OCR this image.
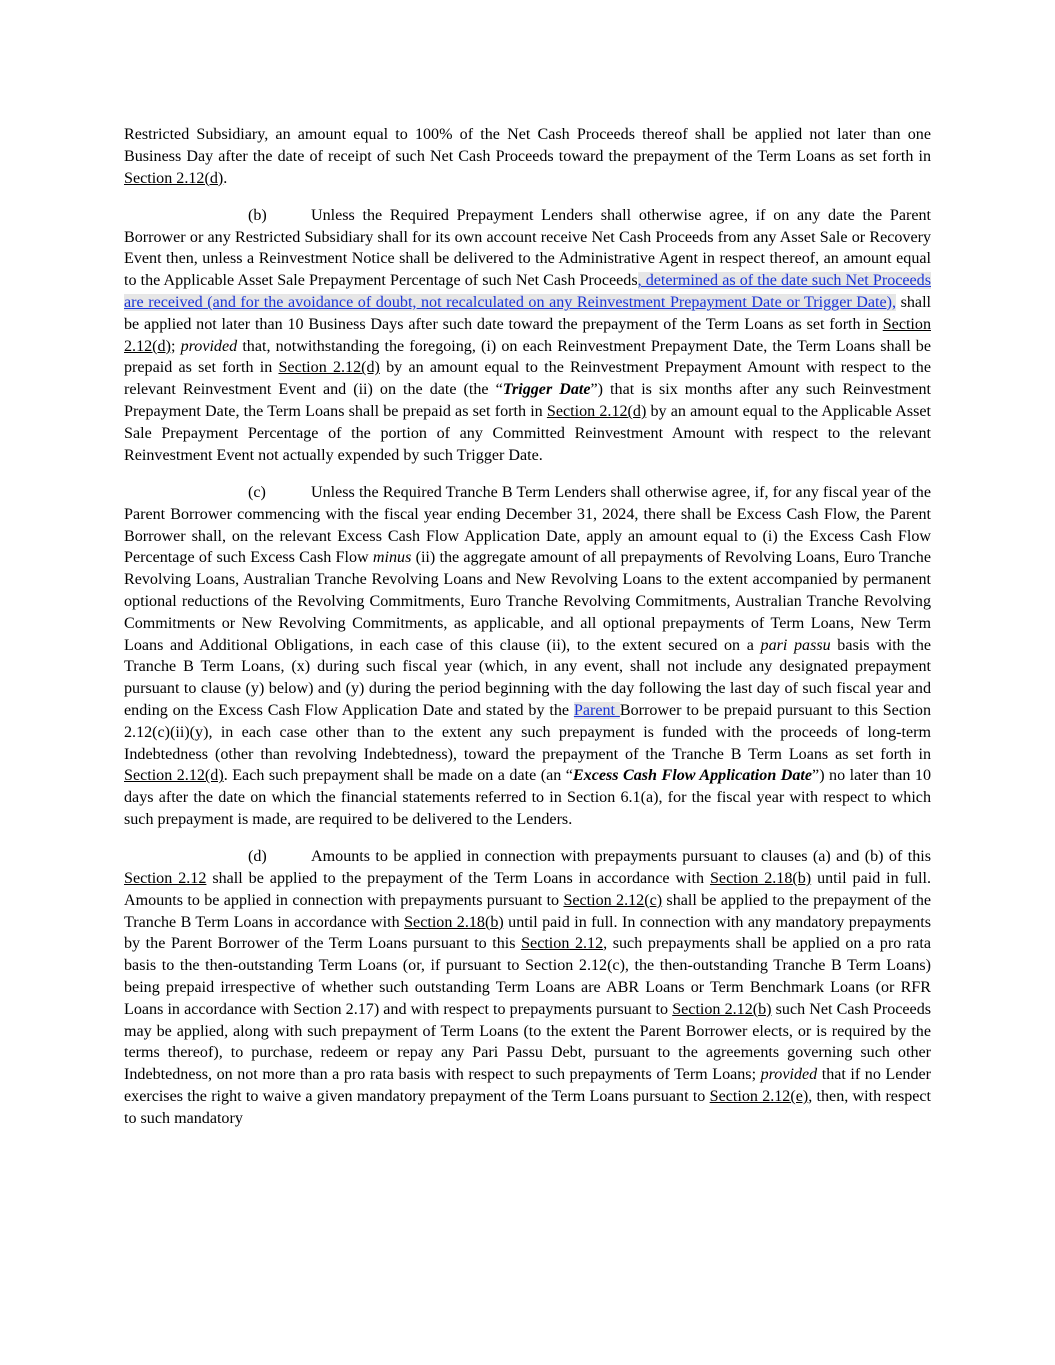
Restricted Subsidiary, an amount equal to 100% of the Net Cash Proceeds thereof shall be applied not later than one Business Day after the date of receipt of such Net Cash Proceeds toward the prepayment of the Term Loans as set forth in Section 2.12(d).

(b)	Unless the Required Prepayment Lenders shall otherwise agree, if on any date the Parent Borrower or any Restricted Subsidiary shall for its own account receive Net Cash Proceeds from any Asset Sale or Recovery Event then, unless a Reinvestment Notice shall be delivered to the Administrative Agent in respect thereof, an amount equal to the Applicable Asset Sale Prepayment Percentage of such Net Cash Proceeds, determined as of the date such Net Proceeds are received (and for the avoidance of doubt, not recalculated on any Reinvestment Prepayment Date or Trigger Date), shall be applied not later than 10 Business Days after such date toward the prepayment of the Term Loans as set forth in Section 2.12(d); provided that, notwithstanding the foregoing, (i) on each Reinvestment Prepayment Date, the Term Loans shall be prepaid as set forth in Section 2.12(d) by an amount equal to the Reinvestment Prepayment Amount with respect to the relevant Reinvestment Event and (ii) on the date (the “Trigger Date”) that is six months after any such Reinvestment Prepayment Date, the Term Loans shall be prepaid as set forth in Section 2.12(d) by an amount equal to the Applicable Asset Sale Prepayment Percentage of the portion of any Committed Reinvestment Amount with respect to the relevant Reinvestment Event not actually expended by such Trigger Date.

(c)	Unless the Required Tranche B Term Lenders shall otherwise agree, if, for any fiscal year of the Parent Borrower commencing with the fiscal year ending December 31, 2024, there shall be Excess Cash Flow, the Parent Borrower shall, on the relevant Excess Cash Flow Application Date, apply an amount equal to (i) the Excess Cash Flow Percentage of such Excess Cash Flow minus (ii) the aggregate amount of all prepayments of Revolving Loans, Euro Tranche Revolving Loans, Australian Tranche Revolving Loans and New Revolving Loans to the extent accompanied by permanent optional reductions of the Revolving Commitments, Euro Tranche Revolving Commitments, Australian Tranche Revolving Commitments or New Revolving Commitments, as applicable, and all optional prepayments of Term Loans, New Term Loans and Additional Obligations, in each case of this clause (ii), to the extent secured on a pari passu basis with the Tranche B Term Loans, (x) during such fiscal year (which, in any event, shall not include any designated prepayment pursuant to clause (y) below) and (y) during the period beginning with the day following the last day of such fiscal year and ending on the Excess Cash Flow Application Date and stated by the Parent Borrower to be prepaid pursuant to this Section 2.12(c)(ii)(y), in each case other than to the extent any such prepayment is funded with the proceeds of long-term Indebtedness (other than revolving Indebtedness), toward the prepayment of the Tranche B Term Loans as set forth in Section 2.12(d). Each such prepayment shall be made on a date (an “Excess Cash Flow Application Date”) no later than 10 days after the date on which the financial statements referred to in Section 6.1(a), for the fiscal year with respect to which such prepayment is made, are required to be delivered to the Lenders.

(d)	Amounts to be applied in connection with prepayments pursuant to clauses (a) and (b) of this Section 2.12 shall be applied to the prepayment of the Term Loans in accordance with Section 2.18(b) until paid in full. Amounts to be applied in connection with prepayments pursuant to Section 2.12(c) shall be applied to the prepayment of the Tranche B Term Loans in accordance with Section 2.18(b) until paid in full. In connection with any mandatory prepayments by the Parent Borrower of the Term Loans pursuant to this Section 2.12, such prepayments shall be applied on a pro rata basis to the then-outstanding Term Loans (or, if pursuant to Section 2.12(c), the then-outstanding Tranche B Term Loans) being prepaid irrespective of whether such outstanding Term Loans are ABR Loans or Term Benchmark Loans (or RFR Loans in accordance with Section 2.17) and with respect to prepayments pursuant to Section 2.12(b) such Net Cash Proceeds may be applied, along with such prepayment of Term Loans (to the extent the Parent Borrower elects, or is required by the terms thereof), to purchase, redeem or repay any Pari Passu Debt, pursuant to the agreements governing such other Indebtedness, on not more than a pro rata basis with respect to such prepayments of Term Loans; provided that if no Lender exercises the right to waive a given mandatory prepayment of the Term Loans pursuant to Section 2.12(e), then, with respect to such mandatory
